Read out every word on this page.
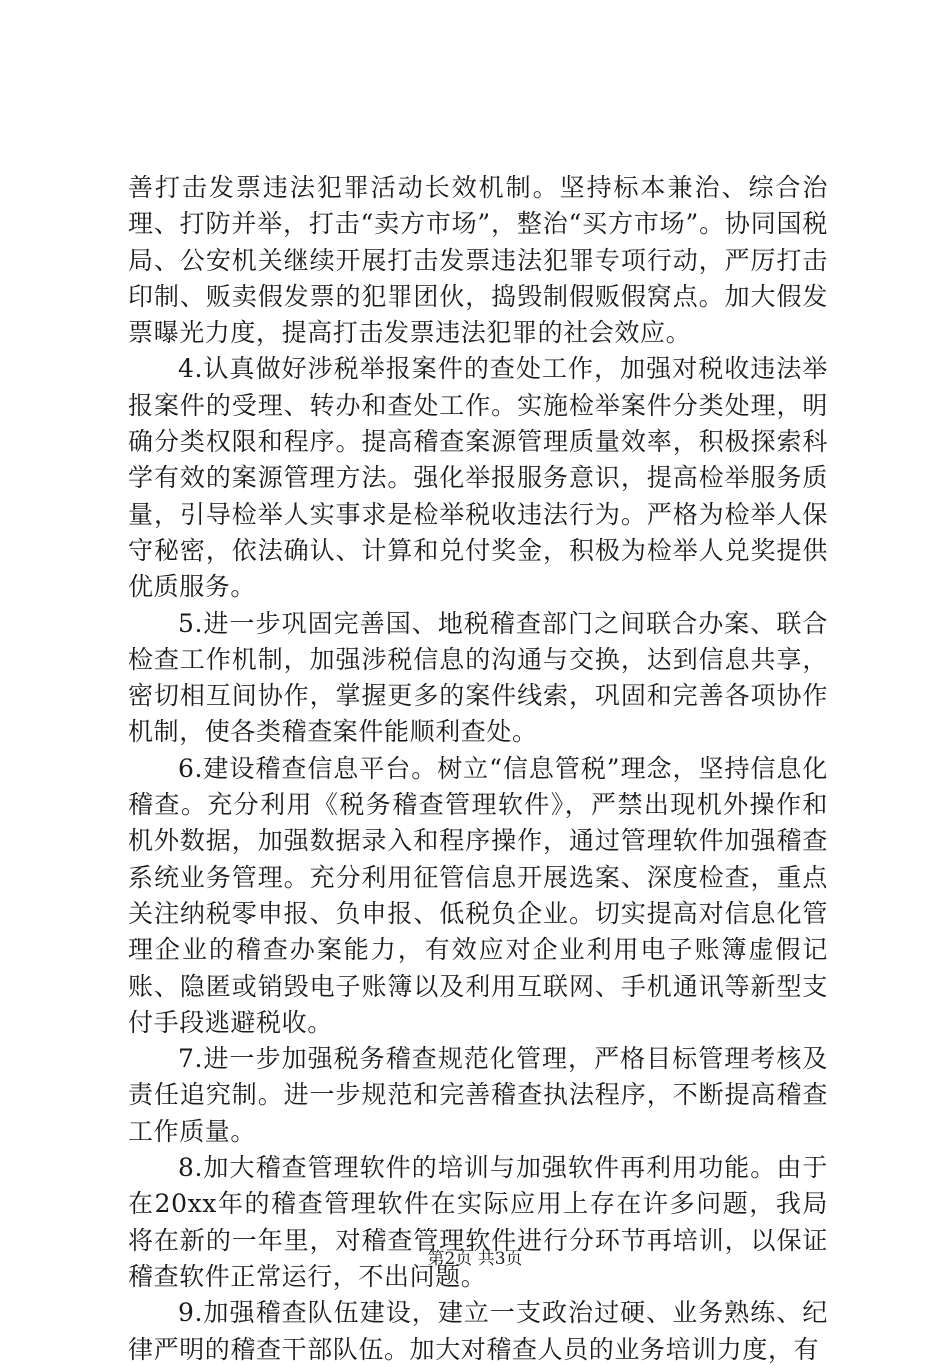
善打击发票违法犯罪活动长效机制。坚持标本兼治、综合治理、打防并举，打击“卖方市场”，整治“买方市场”。协同国税局、公安机关继续开展打击发票违法犯罪专项行动，严厉打击印制、贩卖假发票的犯罪团伙，捣毁制假贩假窝点。加大假发票曝光力度，提高打击发票违法犯罪的社会效应。

4.认真做好涉税举报案件的查处工作，加强对税收违法举报案件的受理、转办和查处工作。实施检举案件分类处理，明确分类权限和程序。提高稽查案源管理质量效率，积极探索科学有效的案源管理方法。强化举报服务意识，提高检举服务质量，引导检举人实事求是检举税收违法行为。严格为检举人保守秘密，依法确认、计算和兑付奖金，积极为检举人兑奖提供优质服务。

5.进一步巩固完善国、地税稽查部门之间联合办案、联合检查工作机制，加强涉税信息的沟通与交换，达到信息共享，密切相互间协作，掌握更多的案件线索，巩固和完善各项协作机制，使各类稽查案件能顺利查处。

6.建设稽查信息平台。树立“信息管税”理念，坚持信息化稽查。充分利用《税务稽查管理软件》，严禁出现机外操作和机外数据，加强数据录入和程序操作，通过管理软件加强稽查系统业务管理。充分利用征管信息开展选案、深度检查，重点关注纳税零申报、负申报、低税负企业。切实提高对信息化管理企业的稽查办案能力，有效应对企业利用电子账簿虚假记账、隐匿或销毁电子账簿以及利用互联网、手机通讯等新型支付手段逃避税收。

7.进一步加强税务稽查规范化管理，严格目标管理考核及责任追究制。进一步规范和完善稽查执法程序，不断提高稽查工作质量。

8.加大稽查管理软件的培训与加强软件再利用功能。由于在20xx年的稽查管理软件在实际应用上存在许多问题，我局将在新的一年里，对稽查管理软件进行分环节再培训，以保证稽查软件正常运行，不出问题。

9.加强稽查队伍建设，建立一支政治过硬、业务熟练、纪律严明的稽查干部队伍。加大对稽查人员的业务培训力度，有

第2页 共3页
